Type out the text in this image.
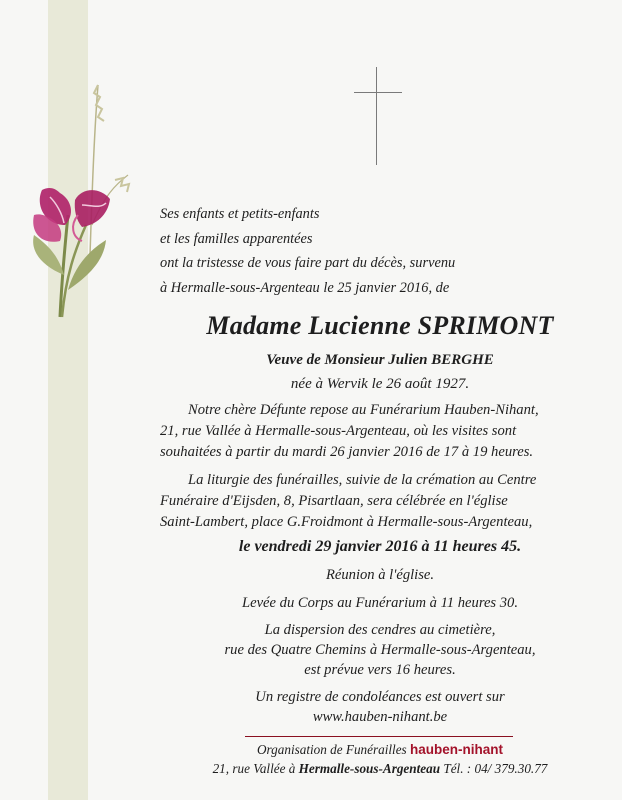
Ses enfants et petits-enfants
et les familles apparentées
ont la tristesse de vous faire part du décès, survenu
à Hermalle-sous-Argenteau le 25 janvier 2016, de
Madame Lucienne SPRIMONT
Veuve de Monsieur Julien BERGHE
née à Wervik le 26 août 1927.
Notre chère Défunte repose au Funérarium Hauben-Nihant,
21, rue Vallée à Hermalle-sous-Argenteau, où les visites sont
souhaitées à partir du mardi 26 janvier 2016 de 17 à 19 heures.
La liturgie des funérailles, suivie de la crémation au Centre
Funéraire d'Eijsden, 8, Pisartlaan, sera célébrée en l'église
Saint-Lambert, place G.Froidmont à Hermalle-sous-Argenteau,
le vendredi 29 janvier 2016 à 11 heures 45.
Réunion à l'église.
Levée du Corps au Funérarium à 11 heures 30.
La dispersion des cendres au cimetière,
rue des Quatre Chemins à Hermalle-sous-Argenteau,
est prévue vers 16 heures.
Un registre de condoléances est ouvert sur
www.hauben-nihant.be
Organisation de Funérailles hauben-nihant
21, rue Vallée à Hermalle-sous-Argenteau Tél. : 04/ 379.30.77
